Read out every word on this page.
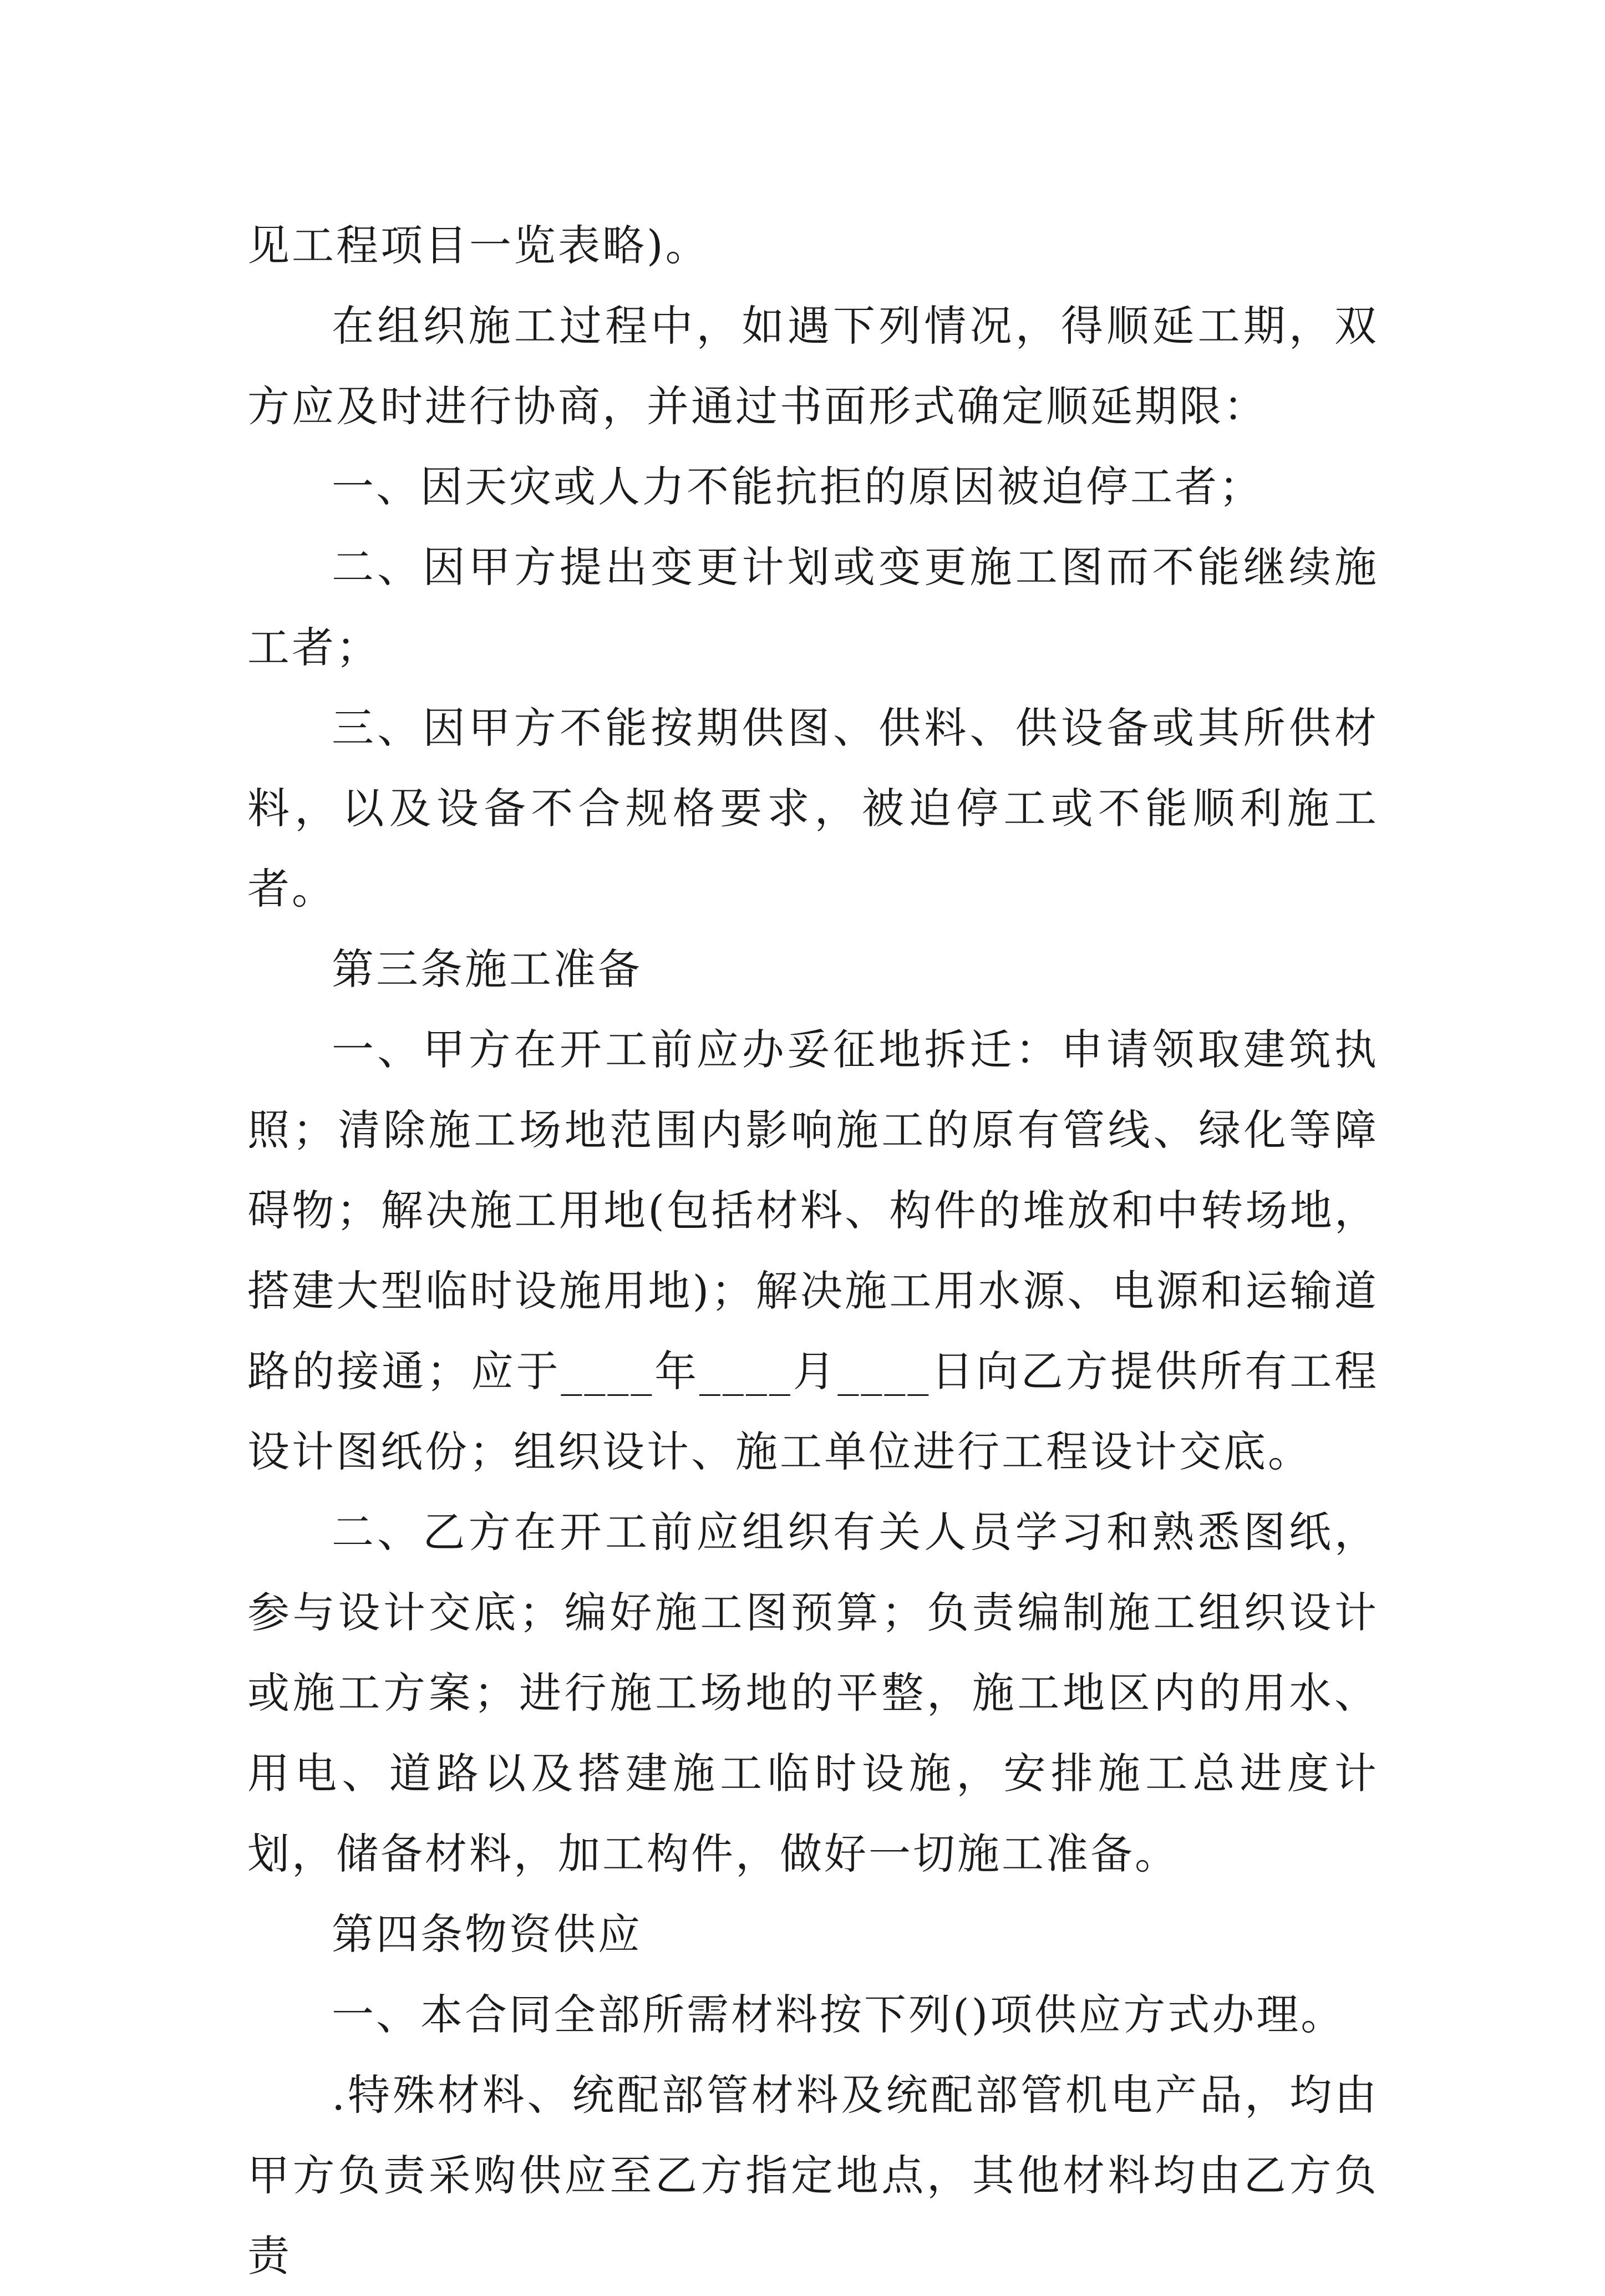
见工程项目一览表略)。

在组织施工过程中，如遇下列情况，得顺延工期，双方应及时进行协商，并通过书面形式确定顺延期限：

一、因天灾或人力不能抗拒的原因被迫停工者；

二、因甲方提出变更计划或变更施工图而不能继续施工者；

三、因甲方不能按期供图、供料、供设备或其所供材料，以及设备不合规格要求，被迫停工或不能顺利施工者。

第三条施工准备

一、甲方在开工前应办妥征地拆迁：申请领取建筑执照；清除施工场地范围内影响施工的原有管线、绿化等障碍物；解决施工用地(包括材料、构件的堆放和中转场地，搭建大型临时设施用地)；解决施工用水源、电源和运输道路的接通；应于____年____月____日向乙方提供所有工程设计图纸份；组织设计、施工单位进行工程设计交底。

二、乙方在开工前应组织有关人员学习和熟悉图纸，参与设计交底；编好施工图预算；负责编制施工组织设计或施工方案；进行施工场地的平整，施工地区内的用水、用电、道路以及搭建施工临时设施，安排施工总进度计划，储备材料，加工构件，做好一切施工准备。

第四条物资供应

一、本合同全部所需材料按下列()项供应方式办理。

.特殊材料、统配部管材料及统配部管机电产品，均由甲方负责采购供应至乙方指定地点，其他材料均由乙方负责
